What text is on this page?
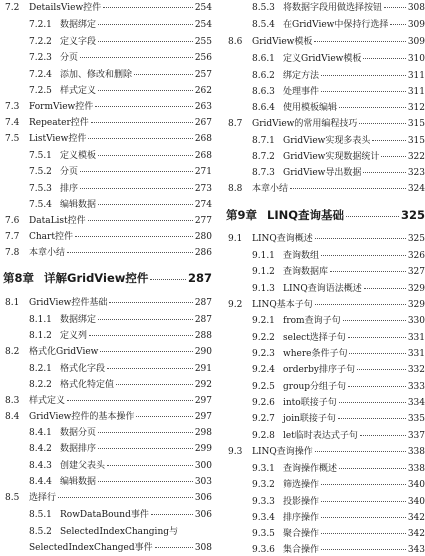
7.2	DetailsView控件	254
7.2.1 数据绑定	254
7.2.2 定义字段	255
7.2.3 分页	256
7.2.4 添加、修改和删除	257
7.2.5 样式定义	262
7.3	FormView控件	263
7.4	Repeater控件	267
7.5	ListView控件	268
7.5.1 定义模板	268
7.5.2 分页	271
7.5.3 排序	273
7.5.4 编辑数据	274
7.6	DataList控件	277
7.7	Chart控件	280
7.8	本章小结	286
第8章 详解GridView控件	287
8.1	GridView控件基础	287
8.1.1 数据绑定	287
8.1.2 定义列	288
8.2	格式化GridView	290
8.2.1 格式化字段	291
8.2.2 格式化特定值	292
8.3	样式定义	297
8.4	GridView控件的基本操作	297
8.4.1 数据分页	298
8.4.2 数据排序	299
8.4.3 创建父表头	300
8.4.4 编辑数据	303
8.5	选择行	306
8.5.1 RowDataBound事件	306
8.5.2 SelectedIndexChanging与
SelectedIndexChanged事件	308
8.5.3 将数据字段用做选择按钮	308
8.5.4 在GridView中保持行选择 309
8.6	GridView模板	309
8.6.1 定义GridView模板	310
8.6.2 绑定方法	311
8.6.3 处理事件	311
8.6.4 使用模板编辑	312
8.7	GridView的常用编程技巧	315
8.7.1 GridView实现多表头	315
8.7.2 GridView实现数据统计	322
8.7.3 GridView导出数据	323
8.8	本章小结	324
第9章 LINQ查询基础	325
9.1	LINQ查询概述	325
9.1.1 查询数组	326
9.1.2 查询数据库	327
9.1.3 LINQ查询语法概述	329
9.2	LINQ基本子句	329
9.2.1 from查询子句	330
9.2.2 select选择子句	331
9.2.3 where条件子句	331
9.2.4 orderby排序子句	332
9.2.5 group分组子句	333
9.2.6 into联接子句	334
9.2.7 join联接子句	335
9.2.8 let临时表达式子句	337
9.3	LINQ查询操作	338
9.3.1 查询操作概述	338
9.3.2 筛选操作	340
9.3.3 投影操作	340
9.3.4 排序操作	342
9.3.5 聚合操作	342
9.3.6 集合操作	343
